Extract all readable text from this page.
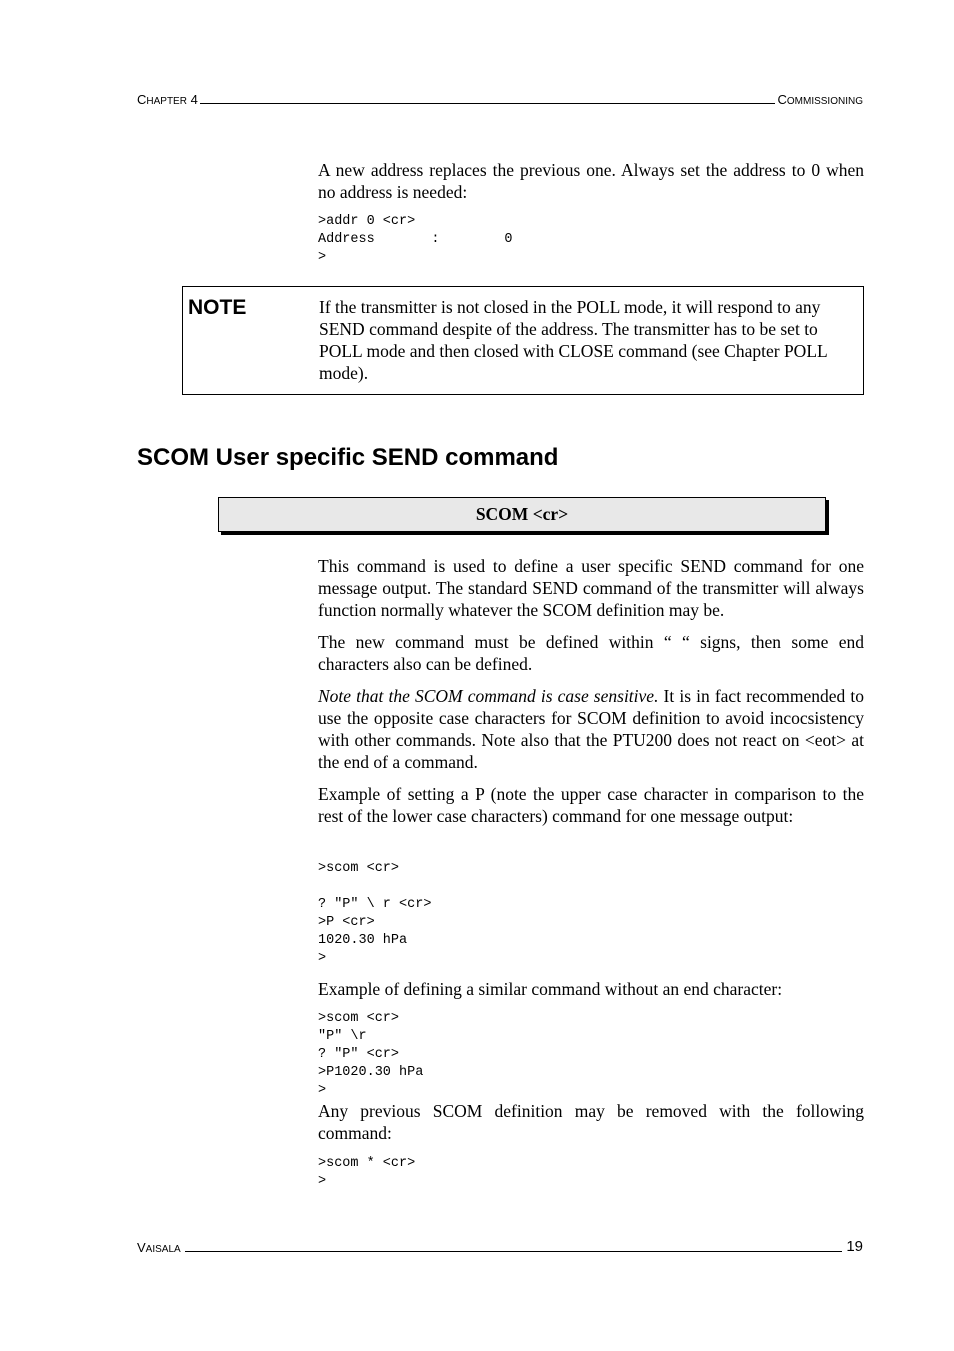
CHAPTER 4	COMMISSIONING

A new address replaces the previous one. Always set the address to 0 when no address is needed:

>addr 0 <cr>
Address       :        0
>
NOTE	If the transmitter is not closed in the POLL mode, it will respond to any SEND command despite of the address. The transmitter has to be set to POLL mode and then closed with CLOSE command (see Chapter POLL mode).
SCOM User specific SEND command
SCOM <cr>

This command is used to define a user specific SEND command for one message output. The standard SEND command of the transmitter will always function normally whatever the SCOM definition may be.

The new command must be defined within “ “ signs, then some end characters also can be defined.

Note that the SCOM command is case sensitive. It is in fact recommended to use the opposite case characters for SCOM definition to avoid incocsistency with other commands. Note also that the PTU200 does not react on <eot> at the end of a command.

Example of setting a P (note the upper case character in comparison to the rest of the lower case characters) command for one message output:

>scom <cr>

? "P" \ r <cr>
>P <cr>
1020.30 hPa
>

Example of defining a similar command without an end character:

>scom <cr>
"P" \r
? "P" <cr>
>P1020.30 hPa
>

Any previous SCOM definition may be removed with the following command:

>scom * <cr>
>
VAISALA	19
